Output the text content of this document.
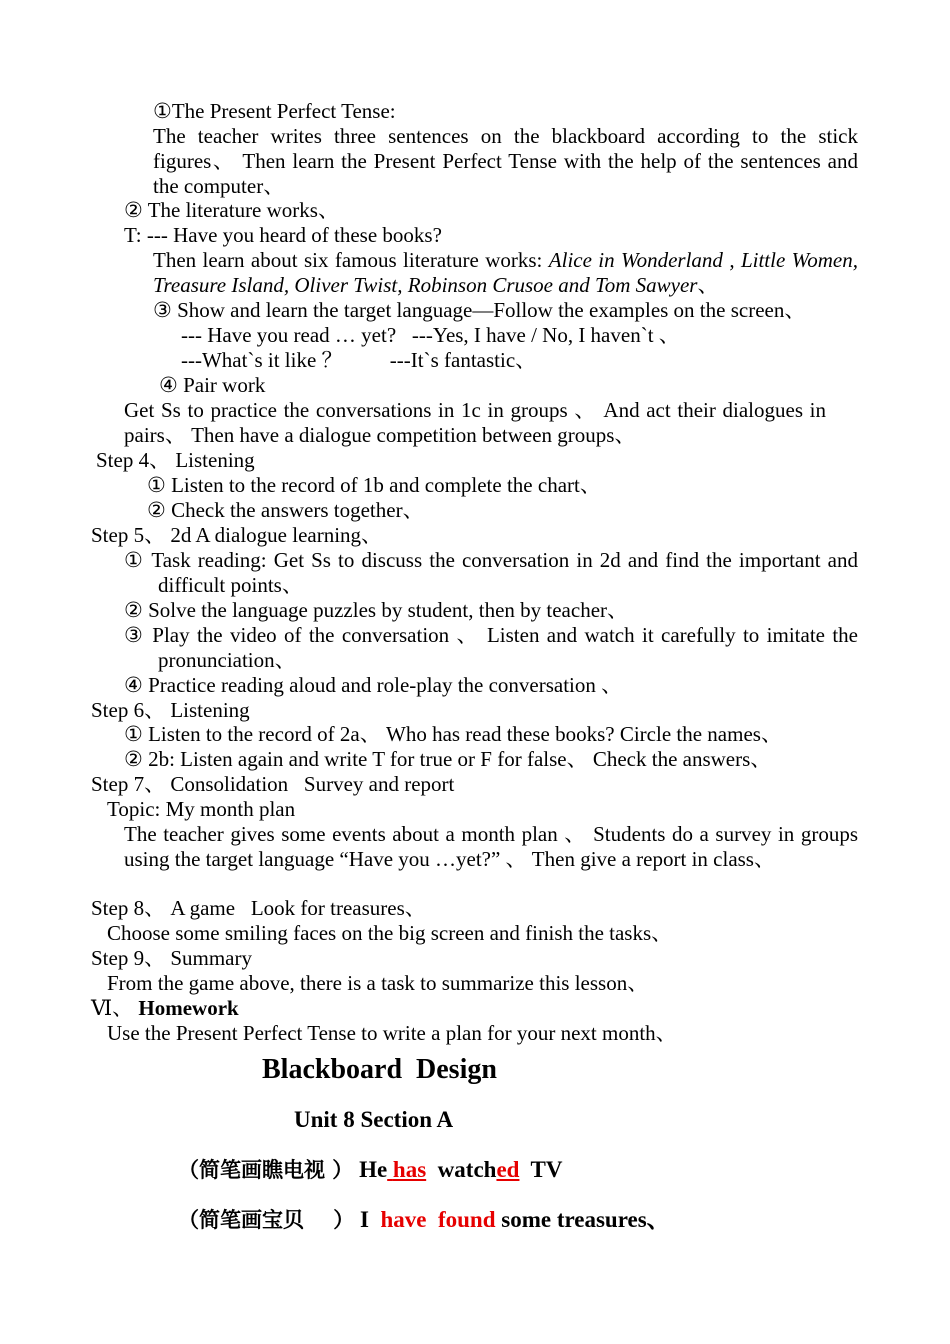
①The Present Perfect Tense:
The teacher writes three sentences on the blackboard according to the stick figures、 Then learn the Present Perfect Tense with the help of the sentences and the computer、
② The literature works、
T: --- Have you heard of these books?
Then learn about six famous literature works: Alice in Wonderland , Little Women, Treasure Island, Oliver Twist, Robinson Crusoe and Tom Sawyer、
③ Show and learn the target language—Follow the examples on the screen、
--- Have you read … yet?   ---Yes, I have / No, I haven`t 、
---What`s it like ？         ---It`s fantastic、
④ Pair work
Get Ss to practice the conversations in 1c in groups 、 And act their dialogues in pairs、 Then have a dialogue competition between groups、
Step 4、 Listening
① Listen to the record of 1b and complete the chart、
② Check the answers together、
Step 5、 2d A dialogue learning、
① Task reading: Get Ss to discuss the conversation in 2d and find the important and difficult points、
② Solve the language puzzles by student, then by teacher、
③ Play the video of the conversation 、 Listen and watch it carefully to imitate the pronunciation、
④ Practice reading aloud and role-play the conversation 、
Step 6、 Listening
① Listen to the record of 2a、 Who has read these books? Circle the names、
② 2b: Listen again and write T for true or F for false、 Check the answers、
Step 7、 Consolidation   Survey and report
Topic: My month plan
The teacher gives some events about a month plan 、 Students do a survey in groups using the target language “Have you …yet?” 、 Then give a report in class、
Step 8、 A game   Look for treasures、
Choose some smiling faces on the big screen and finish the tasks、
Step 9、 Summary
From the game above, there is a task to summarize this lesson、
Ⅵ、 Homework
Use the Present Perfect Tense to write a plan for your next month、
Blackboard  Design
Unit 8 Section A
（简笔画瞧电视 ） He has watched TV
（简笔画宝贝    ） I have found some treasures、
